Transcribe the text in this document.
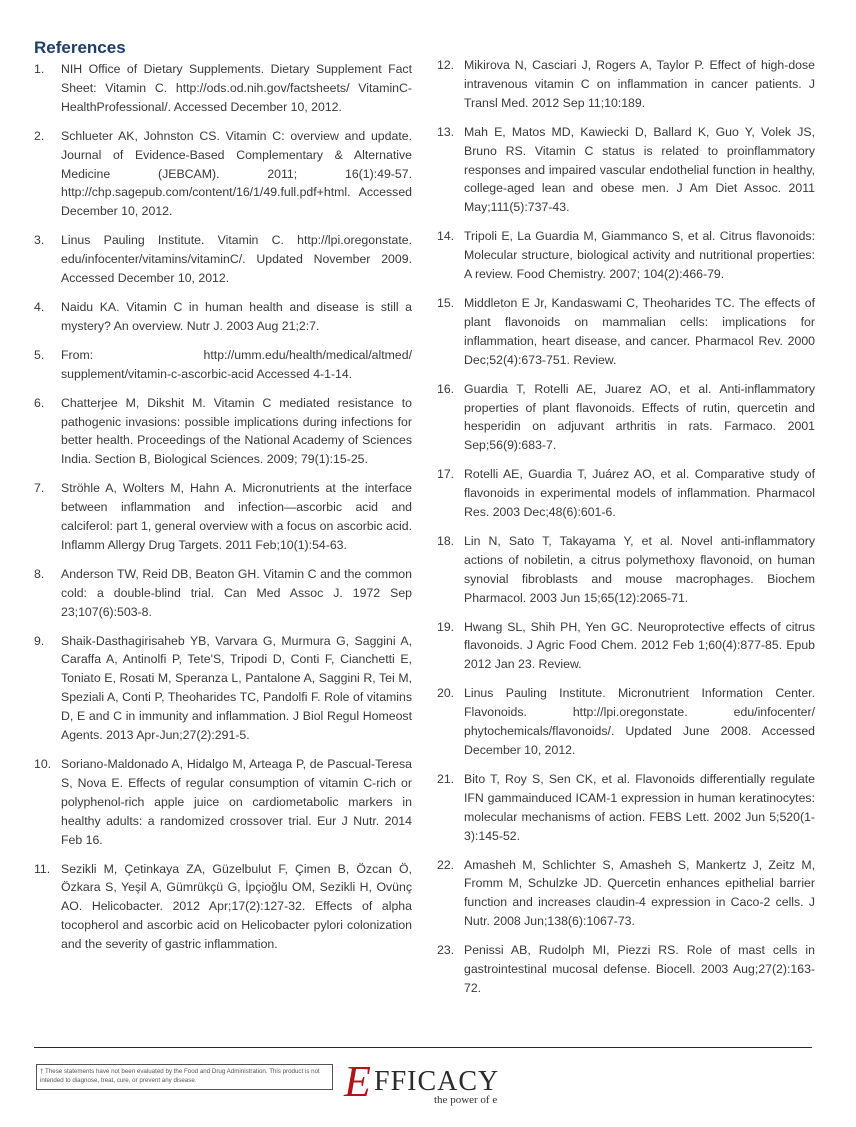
References
1. NIH Office of Dietary Supplements. Dietary Supplement Fact Sheet: Vitamin C. http://ods.od.nih.gov/factsheets/ VitaminC-HealthProfessional/. Accessed December 10, 2012.
2. Schlueter AK, Johnston CS. Vitamin C: overview and update. Journal of Evidence-Based Complementary & Alternative Medicine (JEBCAM). 2011; 16(1):49-57. http://chp.sagepub.com/content/16/1/49.full.pdf+html. Accessed December 10, 2012.
3. Linus Pauling Institute. Vitamin C. http://lpi.oregonstate. edu/infocenter/vitamins/vitaminC/. Updated November 2009. Accessed December 10, 2012.
4. Naidu KA. Vitamin C in human health and disease is still a mystery? An overview. Nutr J. 2003 Aug 21;2:7.
5. From: http://umm.edu/health/medical/altmed/ supplement/vitamin-c-ascorbic-acid Accessed 4-1-14.
6. Chatterjee M, Dikshit M. Vitamin C mediated resistance to pathogenic invasions: possible implications during infections for better health. Proceedings of the National Academy of Sciences India. Section B, Biological Sciences. 2009; 79(1):15-25.
7. Ströhle A, Wolters M, Hahn A. Micronutrients at the interface between inflammation and infection—ascorbic acid and calciferol: part 1, general overview with a focus on ascorbic acid. Inflamm Allergy Drug Targets. 2011 Feb;10(1):54-63.
8. Anderson TW, Reid DB, Beaton GH. Vitamin C and the common cold: a double-blind trial. Can Med Assoc J. 1972 Sep 23;107(6):503-8.
9. Shaik-Dasthagirisaheb YB, Varvara G, Murmura G, Saggini A, Caraffa A, Antinolfi P, Tete'S, Tripodi D, Conti F, Cianchetti E, Toniato E, Rosati M, Speranza L, Pantalone A, Saggini R, Tei M, Speziali A, Conti P, Theoharides TC, Pandolfi F. Role of vitamins D, E and C in immunity and inflammation. J Biol Regul Homeost Agents. 2013 Apr-Jun;27(2):291-5.
10. Soriano-Maldonado A, Hidalgo M, Arteaga P, de Pascual-Teresa S, Nova E. Effects of regular consumption of vitamin C-rich or polyphenol-rich apple juice on cardiometabolic markers in healthy adults: a randomized crossover trial. Eur J Nutr. 2014 Feb 16.
11. Sezikli M, Çetinkaya ZA, Güzelbulut F, Çimen B, Özcan Ö, Özkara S, Yeşil A, Gümrükçü G, İpçioğlu OM, Sezikli H, Ovünç AO. Helicobacter. 2012 Apr;17(2):127-32. Effects of alpha tocopherol and ascorbic acid on Helicobacter pylori colonization and the severity of gastric inflammation.
12. Mikirova N, Casciari J, Rogers A, Taylor P. Effect of high-dose intravenous vitamin C on inflammation in cancer patients. J Transl Med. 2012 Sep 11;10:189.
13. Mah E, Matos MD, Kawiecki D, Ballard K, Guo Y, Volek JS, Bruno RS. Vitamin C status is related to proinflammatory responses and impaired vascular endothelial function in healthy, college-aged lean and obese men. J Am Diet Assoc. 2011 May;111(5):737-43.
14. Tripoli E, La Guardia M, Giammanco S, et al. Citrus flavonoids: Molecular structure, biological activity and nutritional properties: A review. Food Chemistry. 2007; 104(2):466-79.
15. Middleton E Jr, Kandaswami C, Theoharides TC. The effects of plant flavonoids on mammalian cells: implications for inflammation, heart disease, and cancer. Pharmacol Rev. 2000 Dec;52(4):673-751. Review.
16. Guardia T, Rotelli AE, Juarez AO, et al. Anti-inflammatory properties of plant flavonoids. Effects of rutin, quercetin and hesperidin on adjuvant arthritis in rats. Farmaco. 2001 Sep;56(9):683-7.
17. Rotelli AE, Guardia T, Juárez AO, et al. Comparative study of flavonoids in experimental models of inflammation. Pharmacol Res. 2003 Dec;48(6):601-6.
18. Lin N, Sato T, Takayama Y, et al. Novel anti-inflammatory actions of nobiletin, a citrus polymethoxy flavonoid, on human synovial fibroblasts and mouse macrophages. Biochem Pharmacol. 2003 Jun 15;65(12):2065-71.
19. Hwang SL, Shih PH, Yen GC. Neuroprotective effects of citrus flavonoids. J Agric Food Chem. 2012 Feb 1;60(4):877-85. Epub 2012 Jan 23. Review.
20. Linus Pauling Institute. Micronutrient Information Center. Flavonoids. http://lpi.oregonstate. edu/infocenter/ phytochemicals/flavonoids/. Updated June 2008. Accessed December 10, 2012.
21. Bito T, Roy S, Sen CK, et al. Flavonoids differentially regulate IFN gammainduced ICAM-1 expression in human keratinocytes: molecular mechanisms of action. FEBS Lett. 2002 Jun 5;520(1-3):145-52.
22. Amasheh M, Schlichter S, Amasheh S, Mankertz J, Zeitz M, Fromm M, Schulzke JD. Quercetin enhances epithelial barrier function and increases claudin-4 expression in Caco-2 cells. J Nutr. 2008 Jun;138(6):1067-73.
23. Penissi AB, Rudolph MI, Piezzi RS. Role of mast cells in gastrointestinal mucosal defense. Biocell. 2003 Aug;27(2):163-72.
† These statements have not been evaluated by the Food and Drug Administration. This product is not intended to diagnose, treat, cure, or prevent any disease.	E FFICACY
the power of e
